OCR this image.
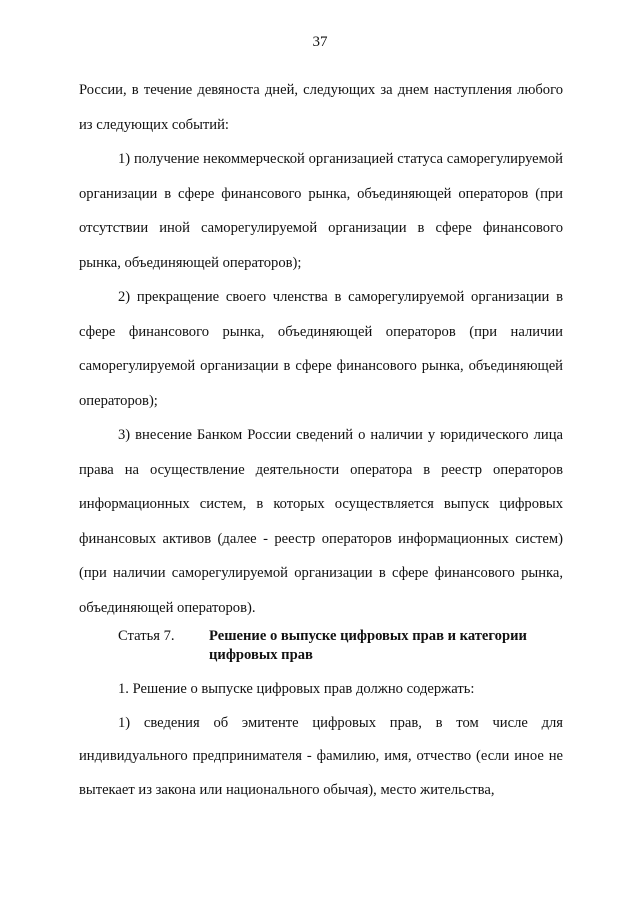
37

России, в течение девяноста дней, следующих за днем наступления любого из следующих событий:

1) получение некоммерческой организацией статуса саморегулируемой организации в сфере финансового рынка, объединяющей операторов (при отсутствии иной саморегулируемой организации в сфере финансового рынка, объединяющей операторов);

2) прекращение своего членства в саморегулируемой организации в сфере финансового рынка, объединяющей операторов (при наличии саморегулируемой организации в сфере финансового рынка, объединяющей операторов);

3) внесение Банком России сведений о наличии у юридического лица права на осуществление деятельности оператора в реестр операторов информационных систем, в которых осуществляется выпуск цифровых финансовых активов (далее - реестр операторов информационных систем) (при наличии саморегулируемой организации в сфере финансового рынка, объединяющей операторов).

Статья 7. Решение о выпуске цифровых прав и категории цифровых прав

1. Решение о выпуске цифровых прав должно содержать:

1) сведения об эмитенте цифровых прав, в том числе для индивидуального предпринимателя - фамилию, имя, отчество (если иное не вытекает из закона или национального обычая), место жительства,
